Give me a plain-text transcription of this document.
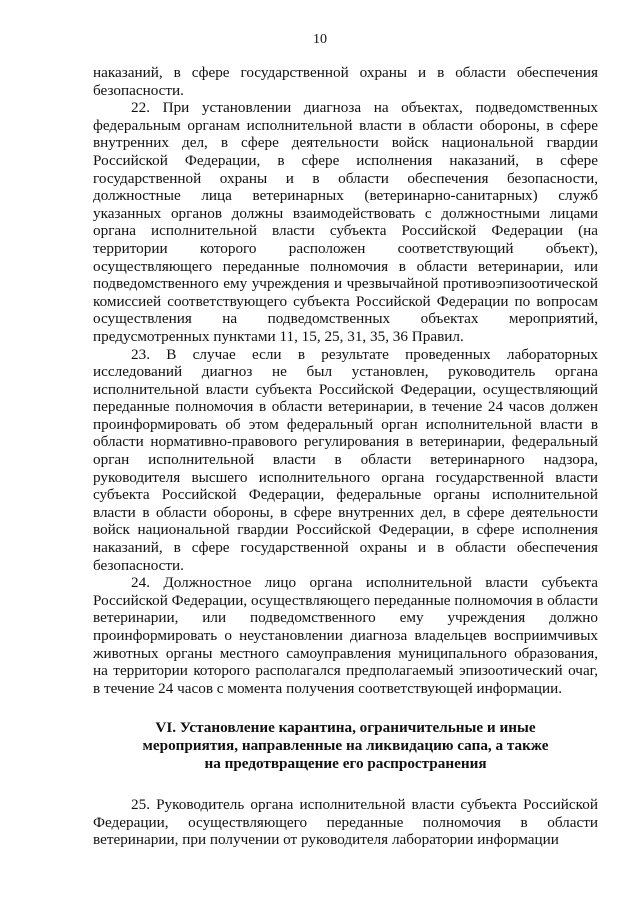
10

наказаний, в сфере государственной охраны и в области обеспечения безопасности.

22. При установлении диагноза на объектах, подведомственных федеральным органам исполнительной власти в области обороны, в сфере внутренних дел, в сфере деятельности войск национальной гвардии Российской Федерации, в сфере исполнения наказаний, в сфере государственной охраны и в области обеспечения безопасности, должностные лица ветеринарных (ветеринарно-санитарных) служб указанных органов должны взаимодействовать с должностными лицами органа исполнительной власти субъекта Российской Федерации (на территории которого расположен соответствующий объект), осуществляющего переданные полномочия в области ветеринарии, или подведомственного ему учреждения и чрезвычайной противоэпизоотической комиссией соответствующего субъекта Российской Федерации по вопросам осуществления на подведомственных объектах мероприятий, предусмотренных пунктами 11, 15, 25, 31, 35, 36 Правил.

23. В случае если в результате проведенных лабораторных исследований диагноз не был установлен, руководитель органа исполнительной власти субъекта Российской Федерации, осуществляющий переданные полномочия в области ветеринарии, в течение 24 часов должен проинформировать об этом федеральный орган исполнительной власти в области нормативно-правового регулирования в ветеринарии, федеральный орган исполнительной власти в области ветеринарного надзора, руководителя высшего исполнительного органа государственной власти субъекта Российской Федерации, федеральные органы исполнительной власти в области обороны, в сфере внутренних дел, в сфере деятельности войск национальной гвардии Российской Федерации, в сфере исполнения наказаний, в сфере государственной охраны и в области обеспечения безопасности.

24. Должностное лицо органа исполнительной власти субъекта Российской Федерации, осуществляющего переданные полномочия в области ветеринарии, или подведомственного ему учреждения должно проинформировать о неустановлении диагноза владельцев восприимчивых животных органы местного самоуправления муниципального образования, на территории которого располагался предполагаемый эпизоотический очаг, в течение 24 часов с момента получения соответствующей информации.

VI. Установление карантина, ограничительные и иные

мероприятия, направленные на ликвидацию сапа, а также

на предотвращение его распространения

25. Руководитель органа исполнительной власти субъекта Российской Федерации, осуществляющего переданные полномочия в области ветеринарии, при получении от руководителя лаборатории информации
